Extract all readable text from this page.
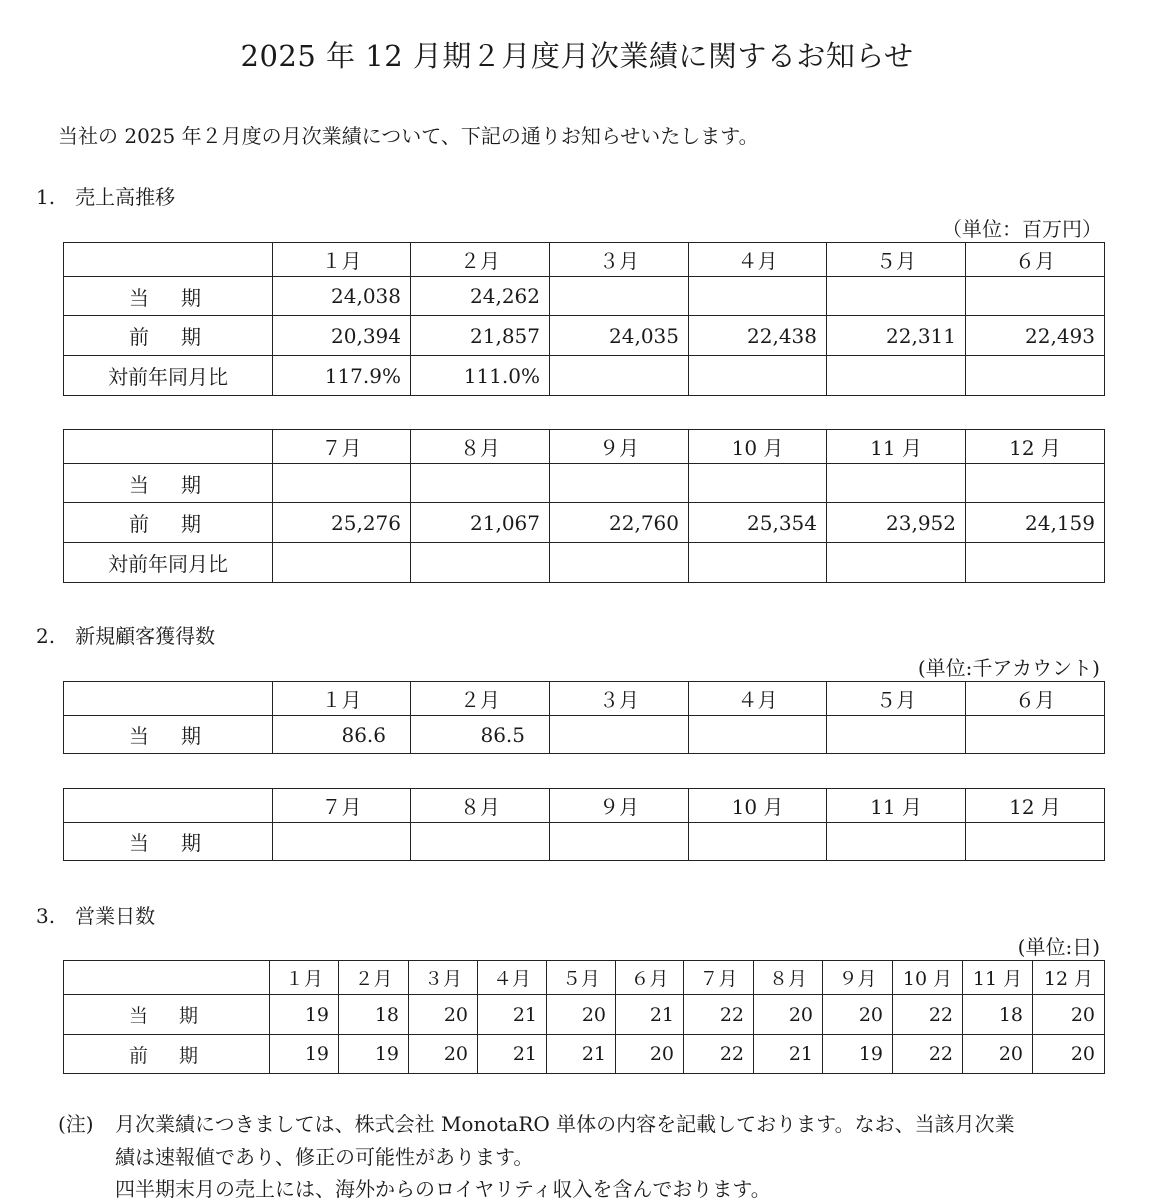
2025 年 12 月期２月度月次業績に関するお知らせ
当社の 2025 年２月度の月次業績について、下記の通りお知らせいたします。
1.　売上高推移
（単位：百万円）
	１月	２月	３月	４月	５月	６月
当　期	24,038	24,262				
前　期	20,394	21,857	24,035	22,438	22,311	22,493
対前年同月比	117.9%	111.0%				
	７月	８月	９月	10 月	11 月	12 月
当　期						
前　期	25,276	21,067	22,760	25,354	23,952	24,159
対前年同月比						
2.　新規顧客獲得数
(単位:千アカウント)
	１月	２月	３月	４月	５月	６月
当　期	86.6	86.5				
	７月	８月	９月	10 月	11 月	12 月
当　期						
3.　営業日数
(単位:日)
	１月	２月	３月	４月	５月	６月	７月	８月	９月	10 月	11 月	12 月
当　期	19	18	20	21	20	21	22	20	20	22	18	20
前　期	19	19	20	21	21	20	22	21	19	22	20	20
(注) 月次業績につきましては、株式会社 MonotaRO 単体の内容を記載しております。なお、当該月次業
績は速報値であり、修正の可能性があります。
四半期末月の売上には、海外からのロイヤリティ収入を含んでおります。
